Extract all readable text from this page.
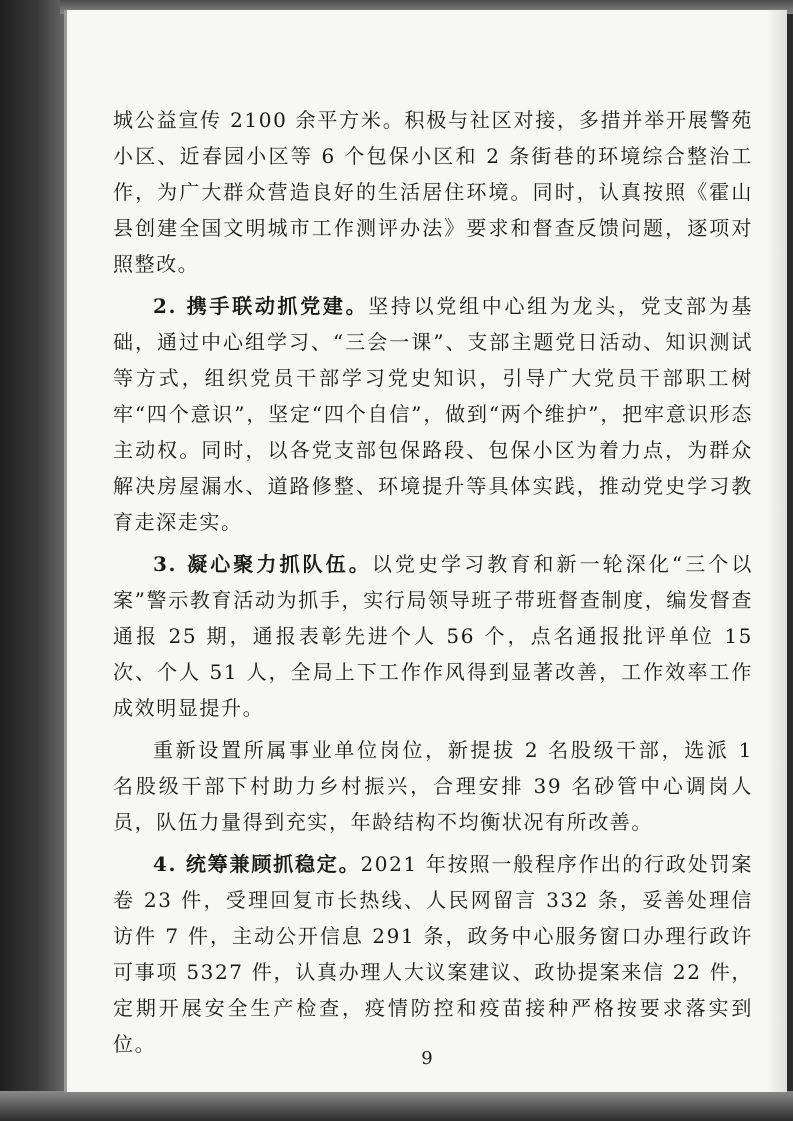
城公益宣传 2100 余平方米。积极与社区对接，多措并举开展警苑小区、近春园小区等 6 个包保小区和 2 条街巷的环境综合整治工作，为广大群众营造良好的生活居住环境。同时，认真按照《霍山县创建全国文明城市工作测评办法》要求和督查反馈问题，逐项对照整改。

2. 携手联动抓党建。坚持以党组中心组为龙头，党支部为基础，通过中心组学习、“三会一课”、支部主题党日活动、知识测试等方式，组织党员干部学习党史知识，引导广大党员干部职工树牢“四个意识”，坚定“四个自信”，做到“两个维护”，把牢意识形态主动权。同时，以各党支部包保路段、包保小区为着力点，为群众解决房屋漏水、道路修整、环境提升等具体实践，推动党史学习教育走深走实。

3. 凝心聚力抓队伍。以党史学习教育和新一轮深化“三个以案”警示教育活动为抓手，实行局领导班子带班督查制度，编发督查通报 25 期，通报表彰先进个人 56 个，点名通报批评单位 15 次、个人 51 人，全局上下工作作风得到显著改善，工作效率工作成效明显提升。

重新设置所属事业单位岗位，新提拔 2 名股级干部，选派 1 名股级干部下村助力乡村振兴，合理安排 39 名砂管中心调岗人员，队伍力量得到充实，年龄结构不均衡状况有所改善。

4. 统筹兼顾抓稳定。2021 年按照一般程序作出的行政处罚案卷 23 件，受理回复市长热线、人民网留言 332 条，妥善处理信访件 7 件，主动公开信息 291 条，政务中心服务窗口办理行政许可事项 5327 件，认真办理人大议案建议、政协提案来信 22 件，定期开展安全生产检查，疫情防控和疫苗接种严格按要求落实到位。

9
